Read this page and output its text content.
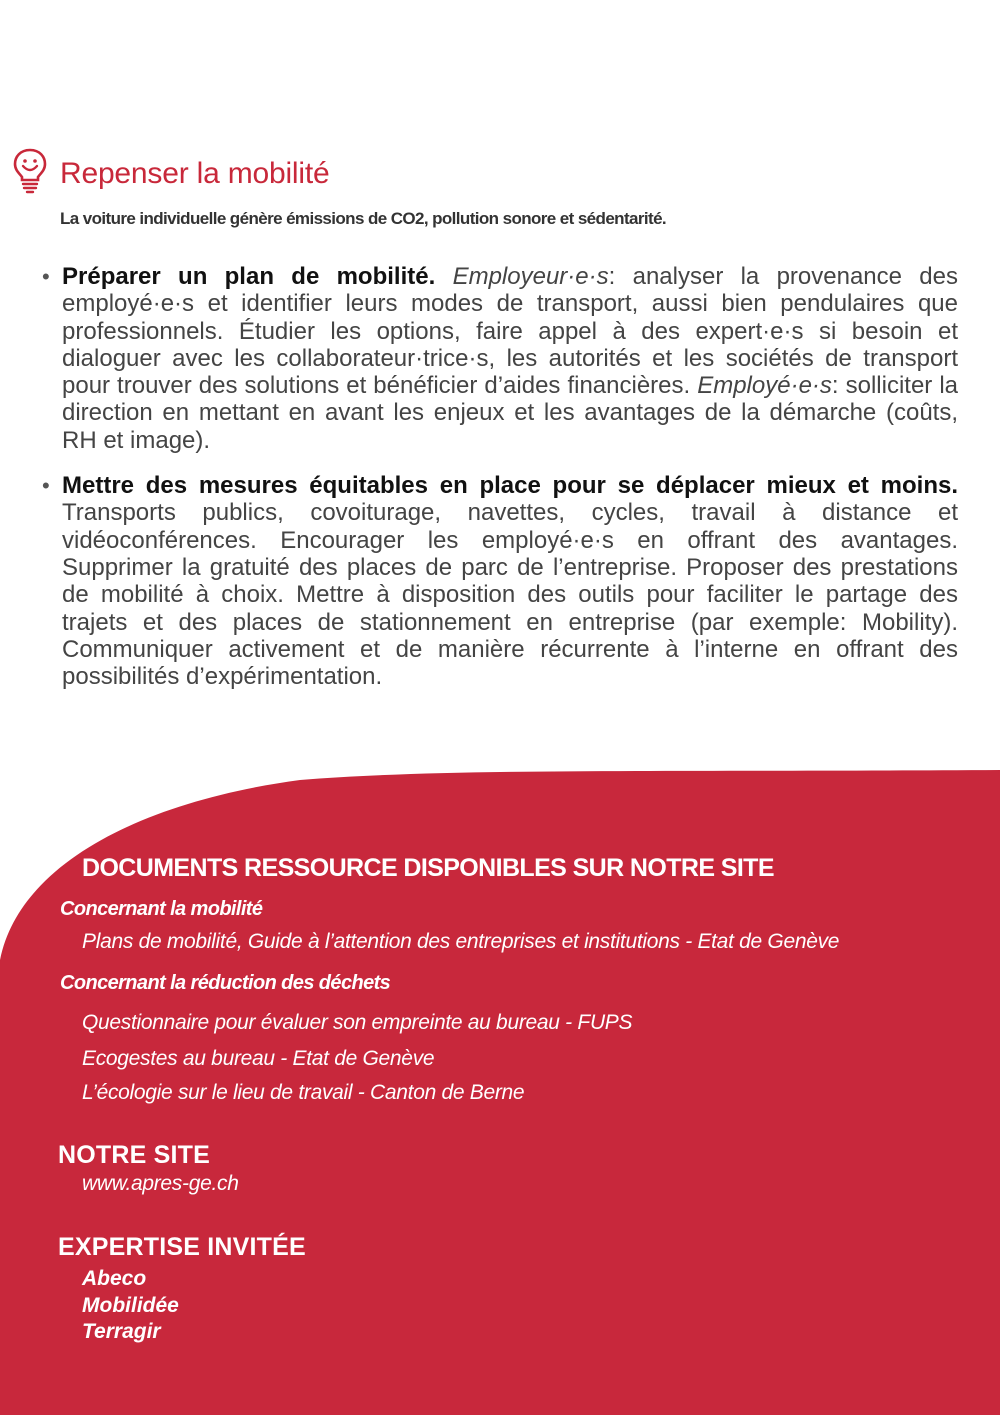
Repenser la mobilité
La voiture individuelle génère émissions de CO2, pollution sonore et sédentarité.
• Préparer un plan de mobilité. Employeur·e·s: analyser la provenance des employé·e·s et identifier leurs modes de transport, aussi bien pendulaires que professionnels. Étudier les options, faire appel à des expert·e·s si besoin et dialoguer avec les collaborateur·trice·s, les autorités et les sociétés de transport pour trouver des solutions et bénéficier d’aides financières. Employé·e·s: solliciter la direction en mettant en avant les enjeux et les avantages de la démarche (coûts, RH et image).
• Mettre des mesures équitables en place pour se déplacer mieux et moins. Transports publics, covoiturage, navettes, cycles, travail à distance et vidéoconférences. Encourager les employé·e·s en offrant des avantages. Supprimer la gratuité des places de parc de l’entreprise. Proposer des prestations de mobilité à choix. Mettre à disposition des outils pour faciliter le partage des trajets et des places de stationnement en entreprise (par exemple: Mobility). Communiquer activement et de manière récurrente à l’interne en offrant des possibilités d’expérimentation.
DOCUMENTS RESSOURCE DISPONIBLES SUR NOTRE SITE
Concernant la mobilité
Plans de mobilité, Guide à l’attention des entreprises et institutions - Etat de Genève
Concernant la réduction des déchets
Questionnaire pour évaluer son empreinte au bureau - FUPS
Ecogestes au bureau - Etat de Genève
L’écologie sur le lieu de travail - Canton de Berne
NOTRE SITE
www.apres-ge.ch
EXPERTISE INVITÉE
Abeco
Mobilidée
Terragir
